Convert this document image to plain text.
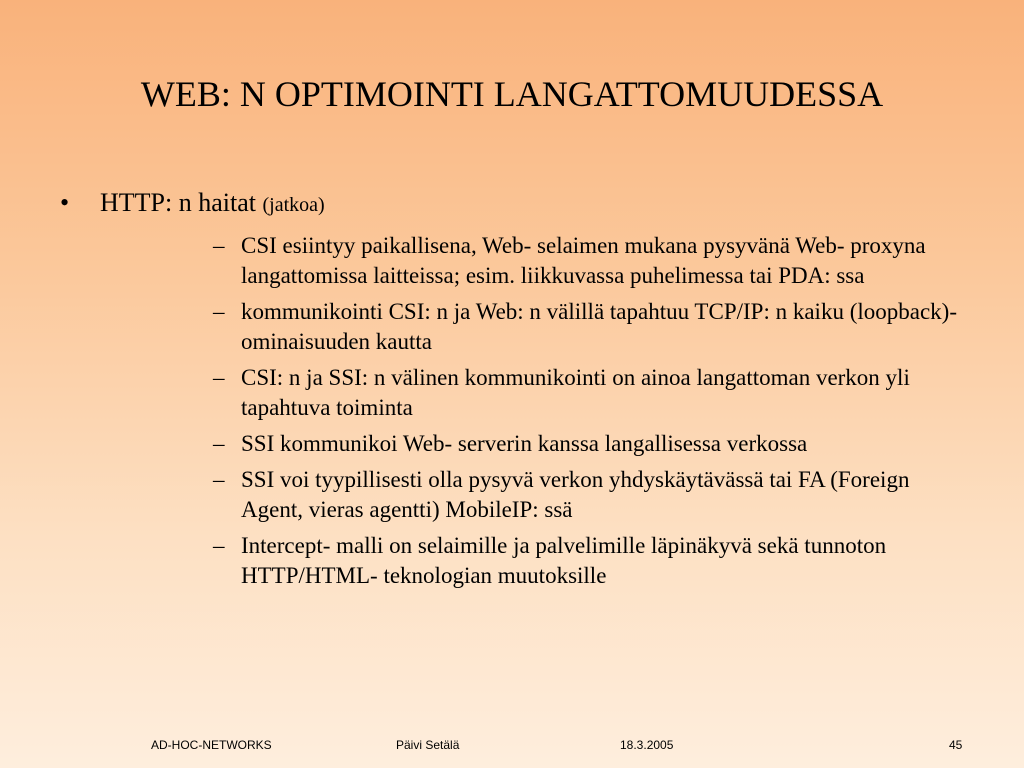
WEB: N OPTIMOINTI LANGATTOMUUDESSA
• HTTP: n haitat (jatkoa)
– CSI esiintyy paikallisena, Web- selaimen mukana pysyvänä Web- proxyna langattomissa laitteissa; esim. liikkuvassa puhelimessa tai PDA: ssa
– kommunikointi CSI: n ja Web: n välillä tapahtuu TCP/IP: n kaiku (loopback)- ominaisuuden kautta
– CSI: n ja SSI: n välinen kommunikointi on ainoa langattoman verkon yli tapahtuva toiminta
– SSI kommunikoi Web- serverin kanssa langallisessa verkossa
– SSI voi tyypillisesti olla pysyvä verkon yhdyskäytävässä tai FA (Foreign Agent, vieras agentti) MobileIP: ssä
– Intercept- malli on selaimille ja palvelimille läpinäkyvä sekä tunnoton HTTP/HTML- teknologian muutoksille
AD-HOC-NETWORKS	Päivi Setälä	18.3.2005	45
